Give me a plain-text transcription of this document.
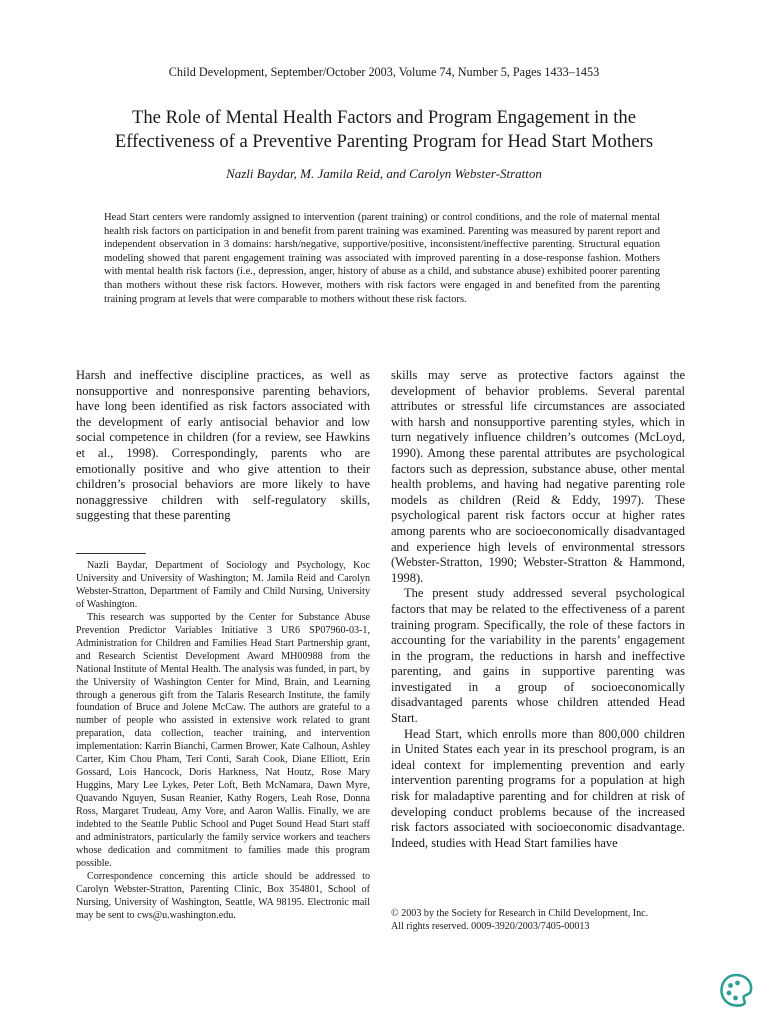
Child Development, September/October 2003, Volume 74, Number 5, Pages 1433–1453
The Role of Mental Health Factors and Program Engagement in the
Effectiveness of a Preventive Parenting Program for Head Start Mothers
Nazli Baydar, M. Jamila Reid, and Carolyn Webster-Stratton
Head Start centers were randomly assigned to intervention (parent training) or control conditions, and the role of maternal mental health risk factors on participation in and benefit from parent training was examined. Parenting was measured by parent report and independent observation in 3 domains: harsh/negative, supportive/positive, inconsistent/ineffective parenting. Structural equation modeling showed that parent engagement training was associated with improved parenting in a dose-response fashion. Mothers with mental health risk factors (i.e., depression, anger, history of abuse as a child, and substance abuse) exhibited poorer parenting than mothers without these risk factors. However, mothers with risk factors were engaged in and benefited from the parenting training program at levels that were comparable to mothers without these risk factors.

Harsh and ineffective discipline practices, as well as nonsupportive and nonresponsive parenting behaviors, have long been identified as risk factors associated with the development of early antisocial behavior and low social competence in children (for a review, see Hawkins et al., 1998). Correspondingly, parents who are emotionally positive and who give attention to their children’s prosocial behaviors are more likely to have nonaggressive children with self-regulatory skills, suggesting that these parenting

Nazli Baydar, Department of Sociology and Psychology, Koc University and University of Washington; M. Jamila Reid and Carolyn Webster-Stratton, Department of Family and Child Nursing, University of Washington.

This research was supported by the Center for Substance Abuse Prevention Predictor Variables Initiative 3 UR6 SP07960-03-1, Administration for Children and Families Head Start Partnership grant, and Research Scientist Development Award MH00988 from the National Institute of Mental Health. The analysis was funded, in part, by the University of Washington Center for Mind, Brain, and Learning through a generous gift from the Talaris Research Institute, the family foundation of Bruce and Jolene McCaw. The authors are grateful to a number of people who assisted in extensive work related to grant preparation, data collection, teacher training, and intervention implementation: Karrin Bianchi, Carmen Brower, Kate Calhoun, Ashley Carter, Kim Chou Pham, Teri Conti, Sarah Cook, Diane Elliott, Erin Gossard, Lois Hancock, Doris Harkness, Nat Houtz, Rose Mary Huggins, Mary Lee Lykes, Peter Loft, Beth McNamara, Dawn Myre, Quavando Nguyen, Susan Reanier, Kathy Rogers, Leah Rose, Donna Ross, Margaret Trudeau, Amy Vore, and Aaron Wallis. Finally, we are indebted to the Seattle Public School and Puget Sound Head Start staff and administrators, particularly the family service workers and teachers whose dedication and commitment to families made this program possible.

Correspondence concerning this article should be addressed to Carolyn Webster-Stratton, Parenting Clinic, Box 354801, School of Nursing, University of Washington, Seattle, WA 98195. Electronic mail may be sent to cws@u.washington.edu.

skills may serve as protective factors against the development of behavior problems. Several parental attributes or stressful life circumstances are associated with harsh and nonsupportive parenting styles, which in turn negatively influence children’s outcomes (McLoyd, 1990). Among these parental attributes are psychological factors such as depression, substance abuse, other mental health problems, and having had negative parenting role models as children (Reid & Eddy, 1997). These psychological parent risk factors occur at higher rates among parents who are socioeconomically disadvantaged and experience high levels of environmental stressors (Webster-Stratton, 1990; Webster-Stratton & Hammond, 1998).

The present study addressed several psychological factors that may be related to the effectiveness of a parent training program. Specifically, the role of these factors in accounting for the variability in the parents’ engagement in the program, the reductions in harsh and ineffective parenting, and gains in supportive parenting was investigated in a group of socioeconomically disadvantaged parents whose children attended Head Start.

Head Start, which enrolls more than 800,000 children in United States each year in its preschool program, is an ideal context for implementing prevention and early intervention parenting programs for a population at high risk for maladaptive parenting and for children at risk of developing conduct problems because of the increased risk factors associated with socioeconomic disadvantage. Indeed, studies with Head Start families have

© 2003 by the Society for Research in Child Development, Inc.
All rights reserved. 0009-3920/2003/7405-00013
